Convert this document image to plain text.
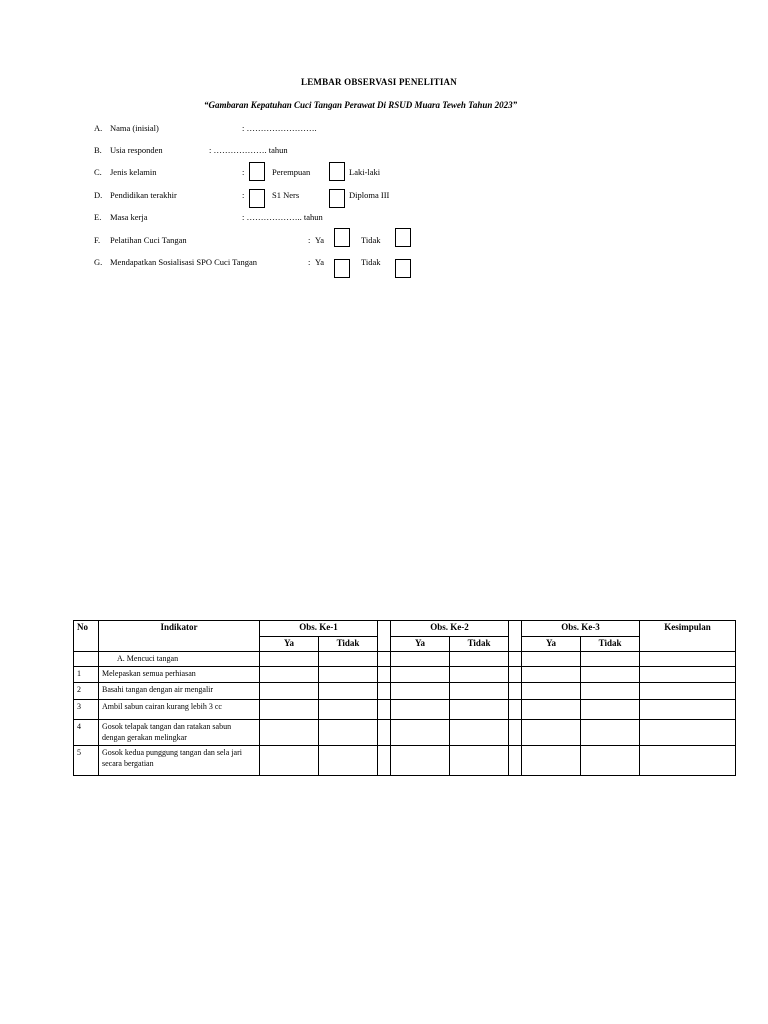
LEMBAR OBSERVASI PENELITIAN
“Gambaran Kepatuhan Cuci Tangan Perawat Di RSUD Muara Teweh Tahun 2023”
A. Nama (inisial)	: …………………….
B. Usia responden	: ………………. tahun
C. Jenis kelamin	:	Perempuan	Laki-laki
D. Pendidikan terakhir	:	S1 Ners	Diploma III
E. Masa kerja	: ……………….. tahun
F. Pelatihan Cuci Tangan	: Ya	Tidak
G. Mendapatkan Sosialisasi SPO Cuci Tangan	: Ya	Tidak
No	Indikator	Obs. Ke-1			Obs. Ke-2			Obs. Ke-3		Kesimpulan
		Ya	Tidak		Ya	Tidak		Ya	Tidak	
	A. Mencuci tangan									
1	Melepaskan semua perhiasan									
2	Basahi tangan dengan air mengalir									
3	Ambil sabun cairan kurang lebih 3 cc									
4	Gosok telapak tangan dan ratakan sabun dengan gerakan melingkar									
5	Gosok kedua punggung tangan dan sela jari secara bergatian									
